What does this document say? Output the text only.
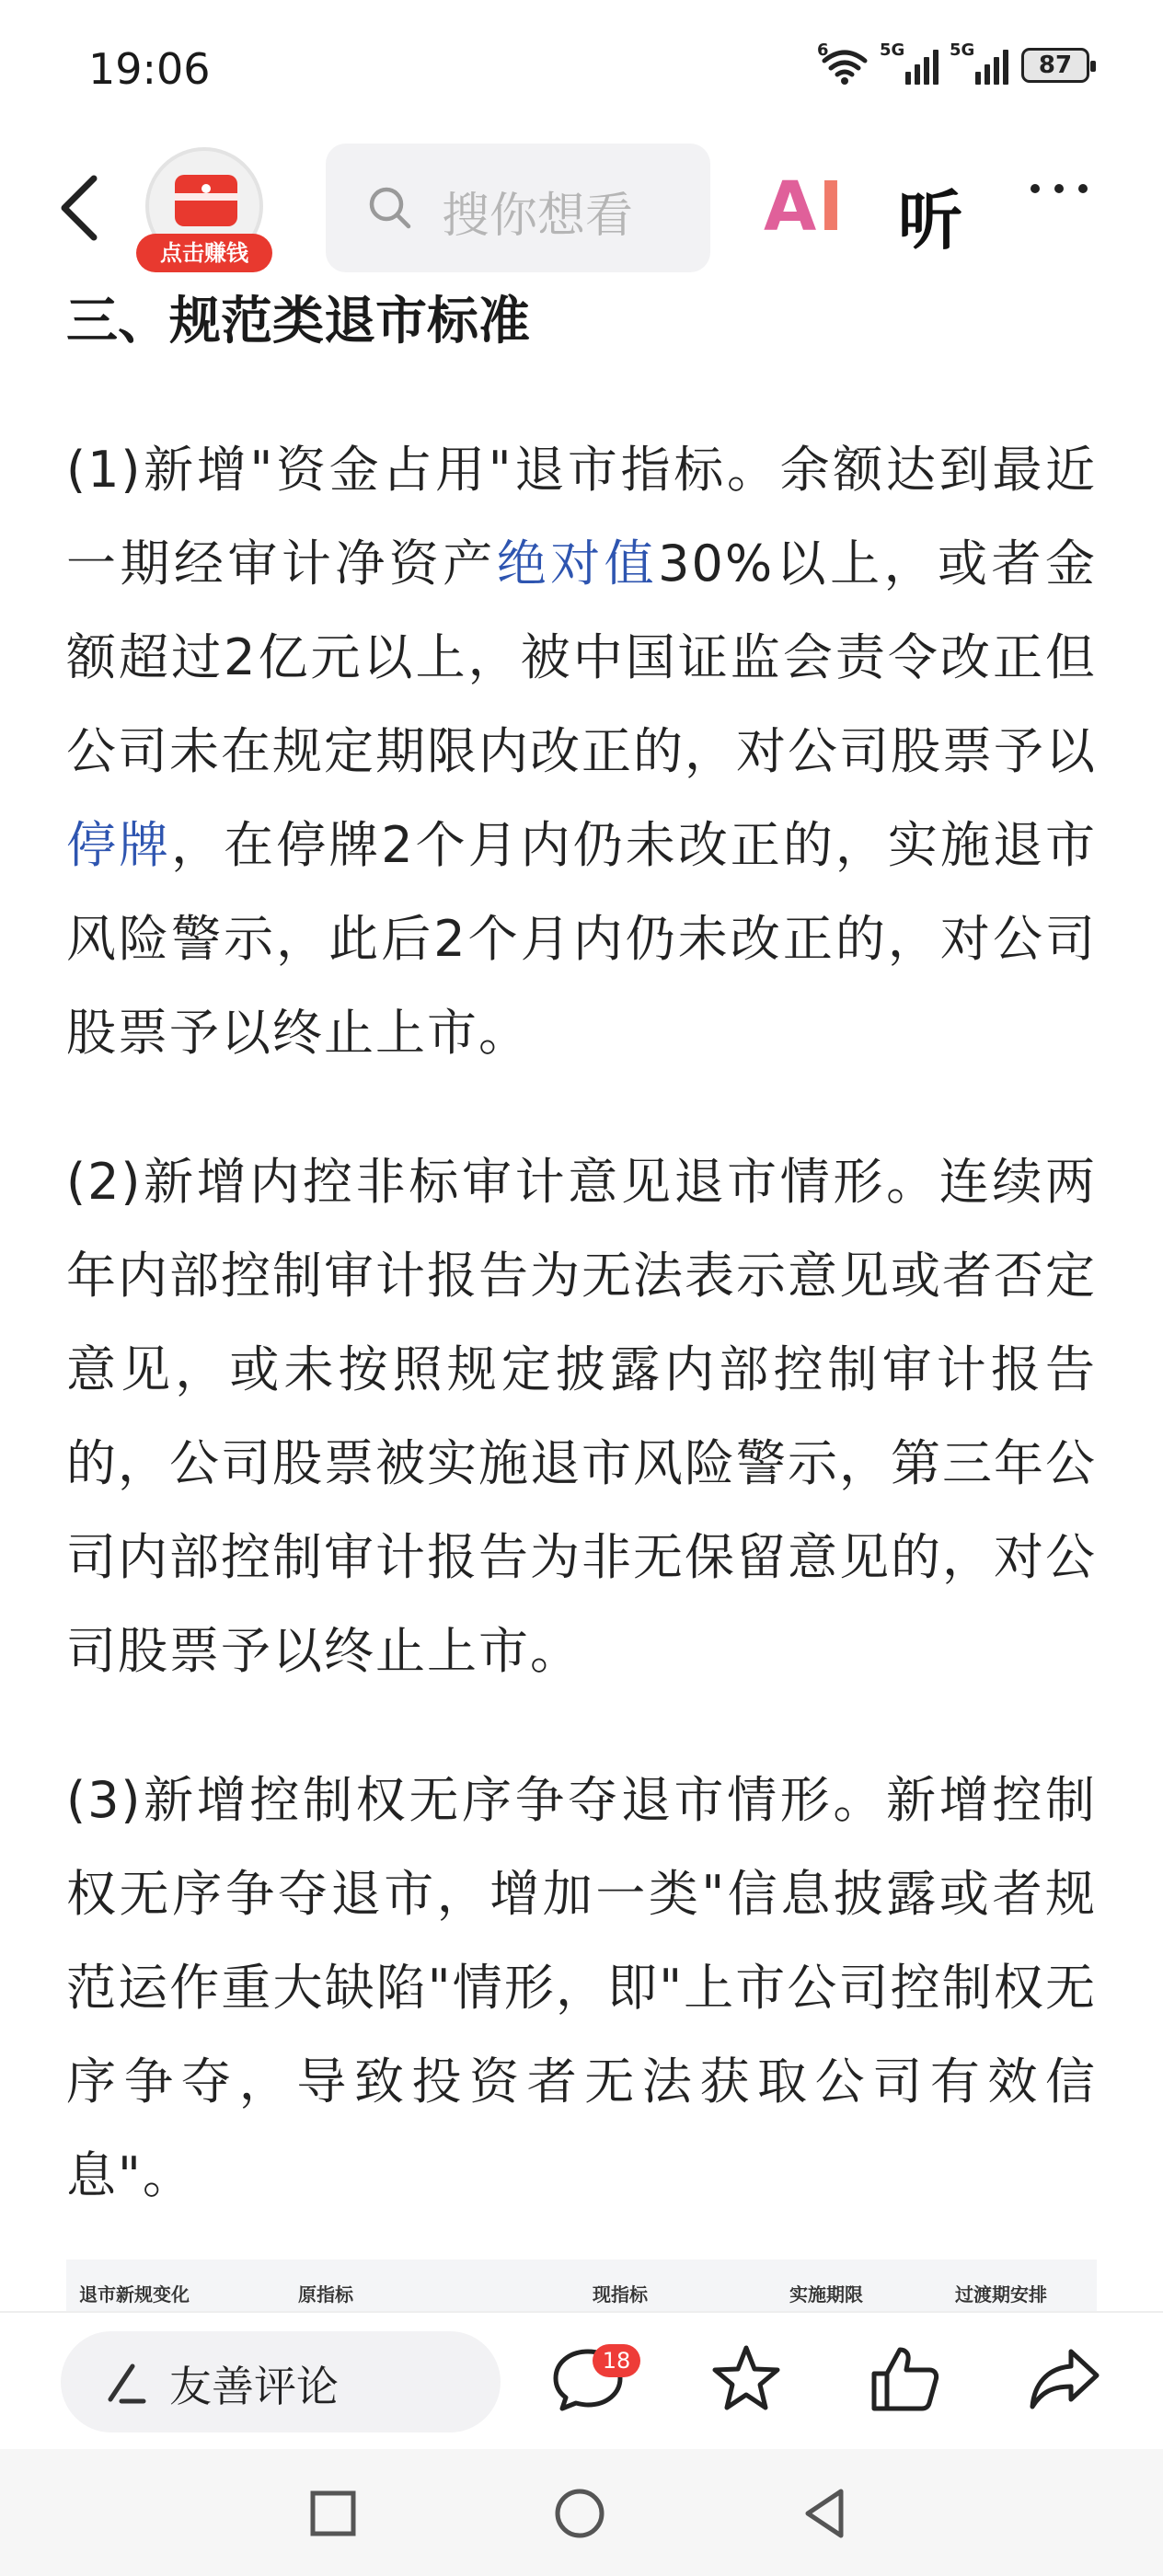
19:06	6	5G	5G
87
点击赚钱
搜你想看	AI 听
三、规范类退市标准

(1)新增"资金占用"退市指标。余额达到最近一期经审计净资产绝对值30%以上，或者金额超过2亿元以上，被中国证监会责令改正但公司未在规定期限内改正的，对公司股票予以停牌，在停牌2个月内仍未改正的，实施退市风险警示，此后2个月内仍未改正的，对公司股票予以终止上市。

(2)新增内控非标审计意见退市情形。连续两年内部控制审计报告为无法表示意见或者否定意见，或未按照规定披露内部控制审计报告的，公司股票被实施退市风险警示，第三年公司内部控制审计报告为非无保留意见的，对公司股票予以终止上市。

(3)新增控制权无序争夺退市情形。新增控制权无序争夺退市，增加一类"信息披露或者规范运作重大缺陷"情形，即"上市公司控制权无序争夺，导致投资者无法获取公司有效信息"。

退市新规变化	原指标	现指标	实施期限	过渡期安排
友善评论
18
